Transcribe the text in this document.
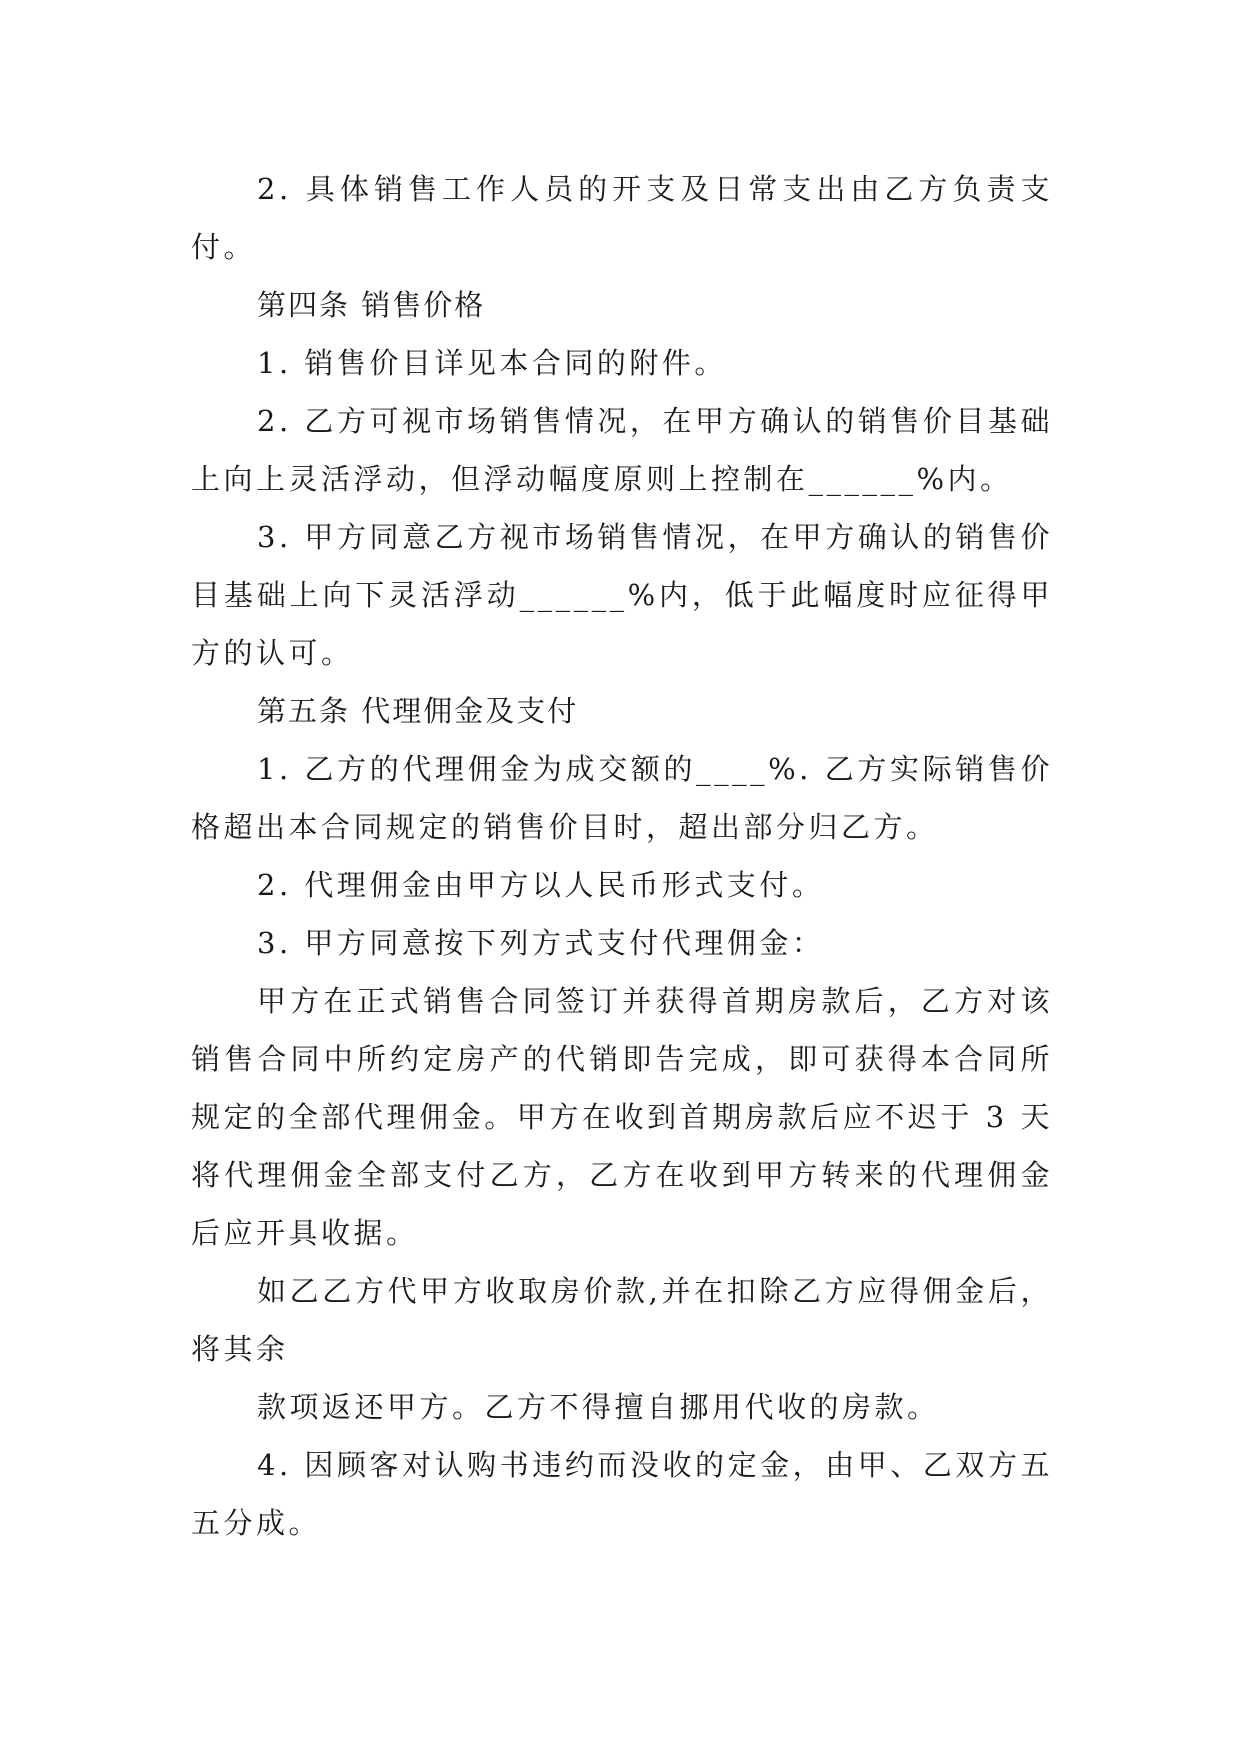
2. 具体销售工作人员的开支及日常支出由乙方负责支付。

第四条 销售价格

1. 销售价目详见本合同的附件。

2. 乙方可视市场销售情况，在甲方确认的销售价目基础上向上灵活浮动，但浮动幅度原则上控制在______%内。

3. 甲方同意乙方视市场销售情况，在甲方确认的销售价目基础上向下灵活浮动______%内，低于此幅度时应征得甲方的认可。

第五条 代理佣金及支付

1. 乙方的代理佣金为成交额的____%. 乙方实际销售价格超出本合同规定的销售价目时，超出部分归乙方。

2. 代理佣金由甲方以人民币形式支付。

3. 甲方同意按下列方式支付代理佣金：

甲方在正式销售合同签订并获得首期房款后，乙方对该销售合同中所约定房产的代销即告完成，即可获得本合同所规定的全部代理佣金。甲方在收到首期房款后应不迟于 3 天将代理佣金全部支付乙方，乙方在收到甲方转来的代理佣金后应开具收据。

如乙乙方代甲方收取房价款,并在扣除乙方应得佣金后，将其余

款项返还甲方。乙方不得擅自挪用代收的房款。

4. 因顾客对认购书违约而没收的定金，由甲、乙双方五五分成。
